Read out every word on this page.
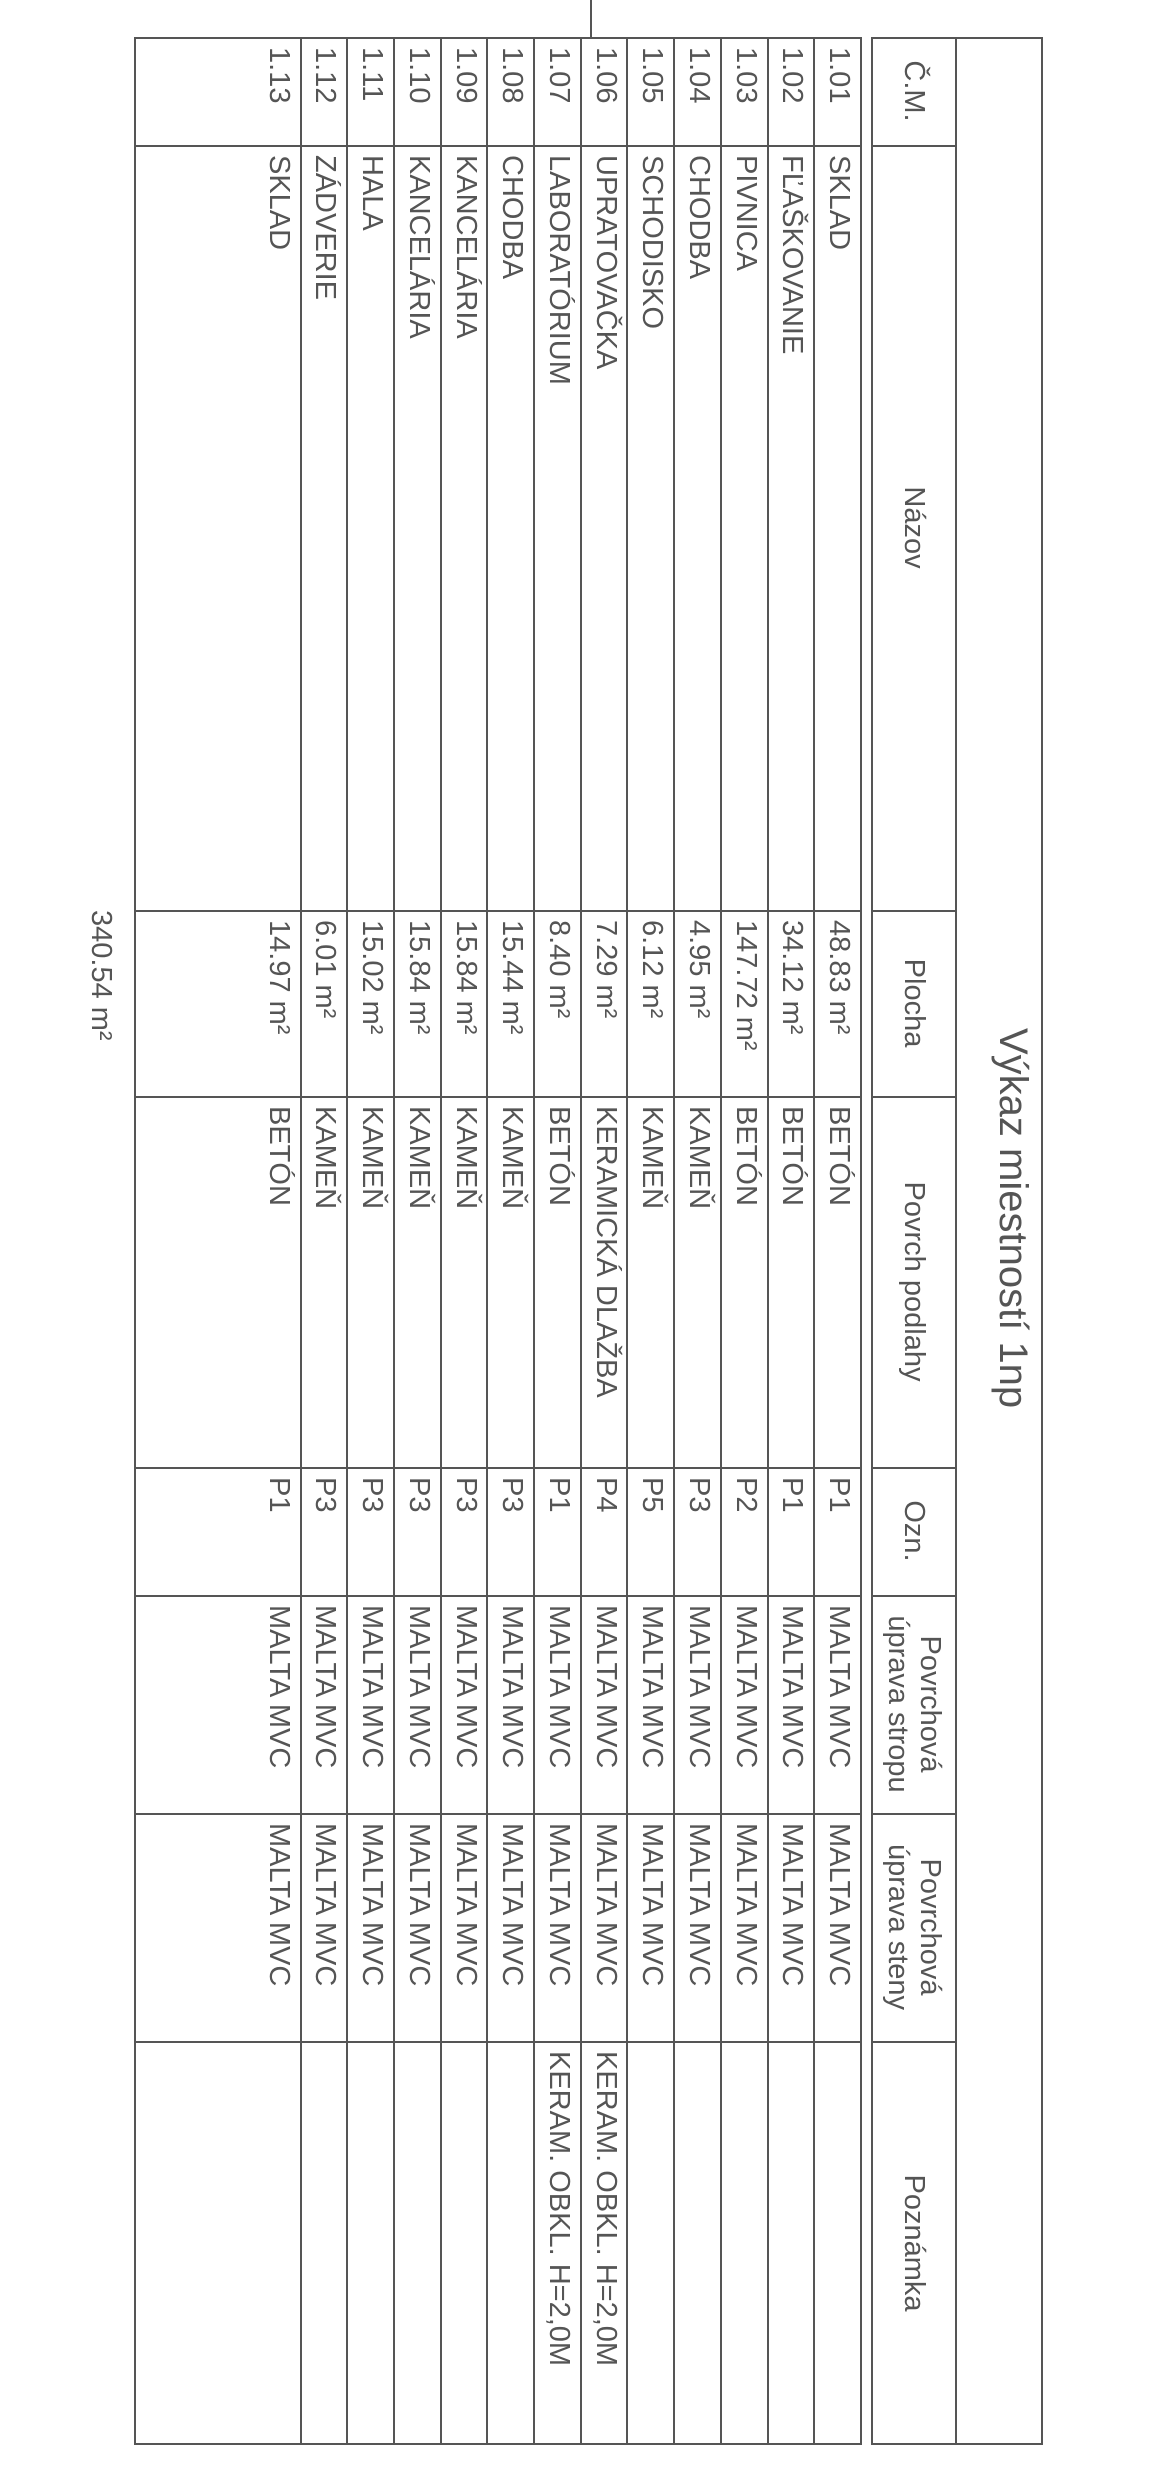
Výkaz miestností 1np
340.54 m²
Č.M.
Názov
Plocha
Povrch podlahy
Ozn.
Povrchová
úprava stropu
Povrchová
úprava steny
Poznámka
1.01
SKLAD
48.83 m²
BETÓN
P1
MALTA MVC
MALTA MVC
1.02
FĽAŠKOVANIE
34.12 m²
BETÓN
P1
MALTA MVC
MALTA MVC
1.03
PIVNICA
147.72 m²
BETÓN
P2
MALTA MVC
MALTA MVC
1.04
CHODBA
4.95 m²
KAMEŇ
P3
MALTA MVC
MALTA MVC
1.05
SCHODISKO
6.12 m²
KAMEŇ
P5
MALTA MVC
MALTA MVC
1.06
UPRATOVAČKA
7.29 m²
KERAMICKÁ DLAŽBA
P4
MALTA MVC
MALTA MVC
KERAM. OBKL. H=2,0M
1.07
LABORATÓRIUM
8.40 m²
BETÓN
P1
MALTA MVC
MALTA MVC
KERAM. OBKL. H=2,0M
1.08
CHODBA
15.44 m²
KAMEŇ
P3
MALTA MVC
MALTA MVC
1.09
KANCELÁRIA
15.84 m²
KAMEŇ
P3
MALTA MVC
MALTA MVC
1.10
KANCELÁRIA
15.84 m²
KAMEŇ
P3
MALTA MVC
MALTA MVC
1.11
HALA
15.02 m²
KAMEŇ
P3
MALTA MVC
MALTA MVC
1.12
ZÁDVERIE
6.01 m²
KAMEŇ
P3
MALTA MVC
MALTA MVC
1.13
SKLAD
14.97 m²
BETÓN
P1
MALTA MVC
MALTA MVC
